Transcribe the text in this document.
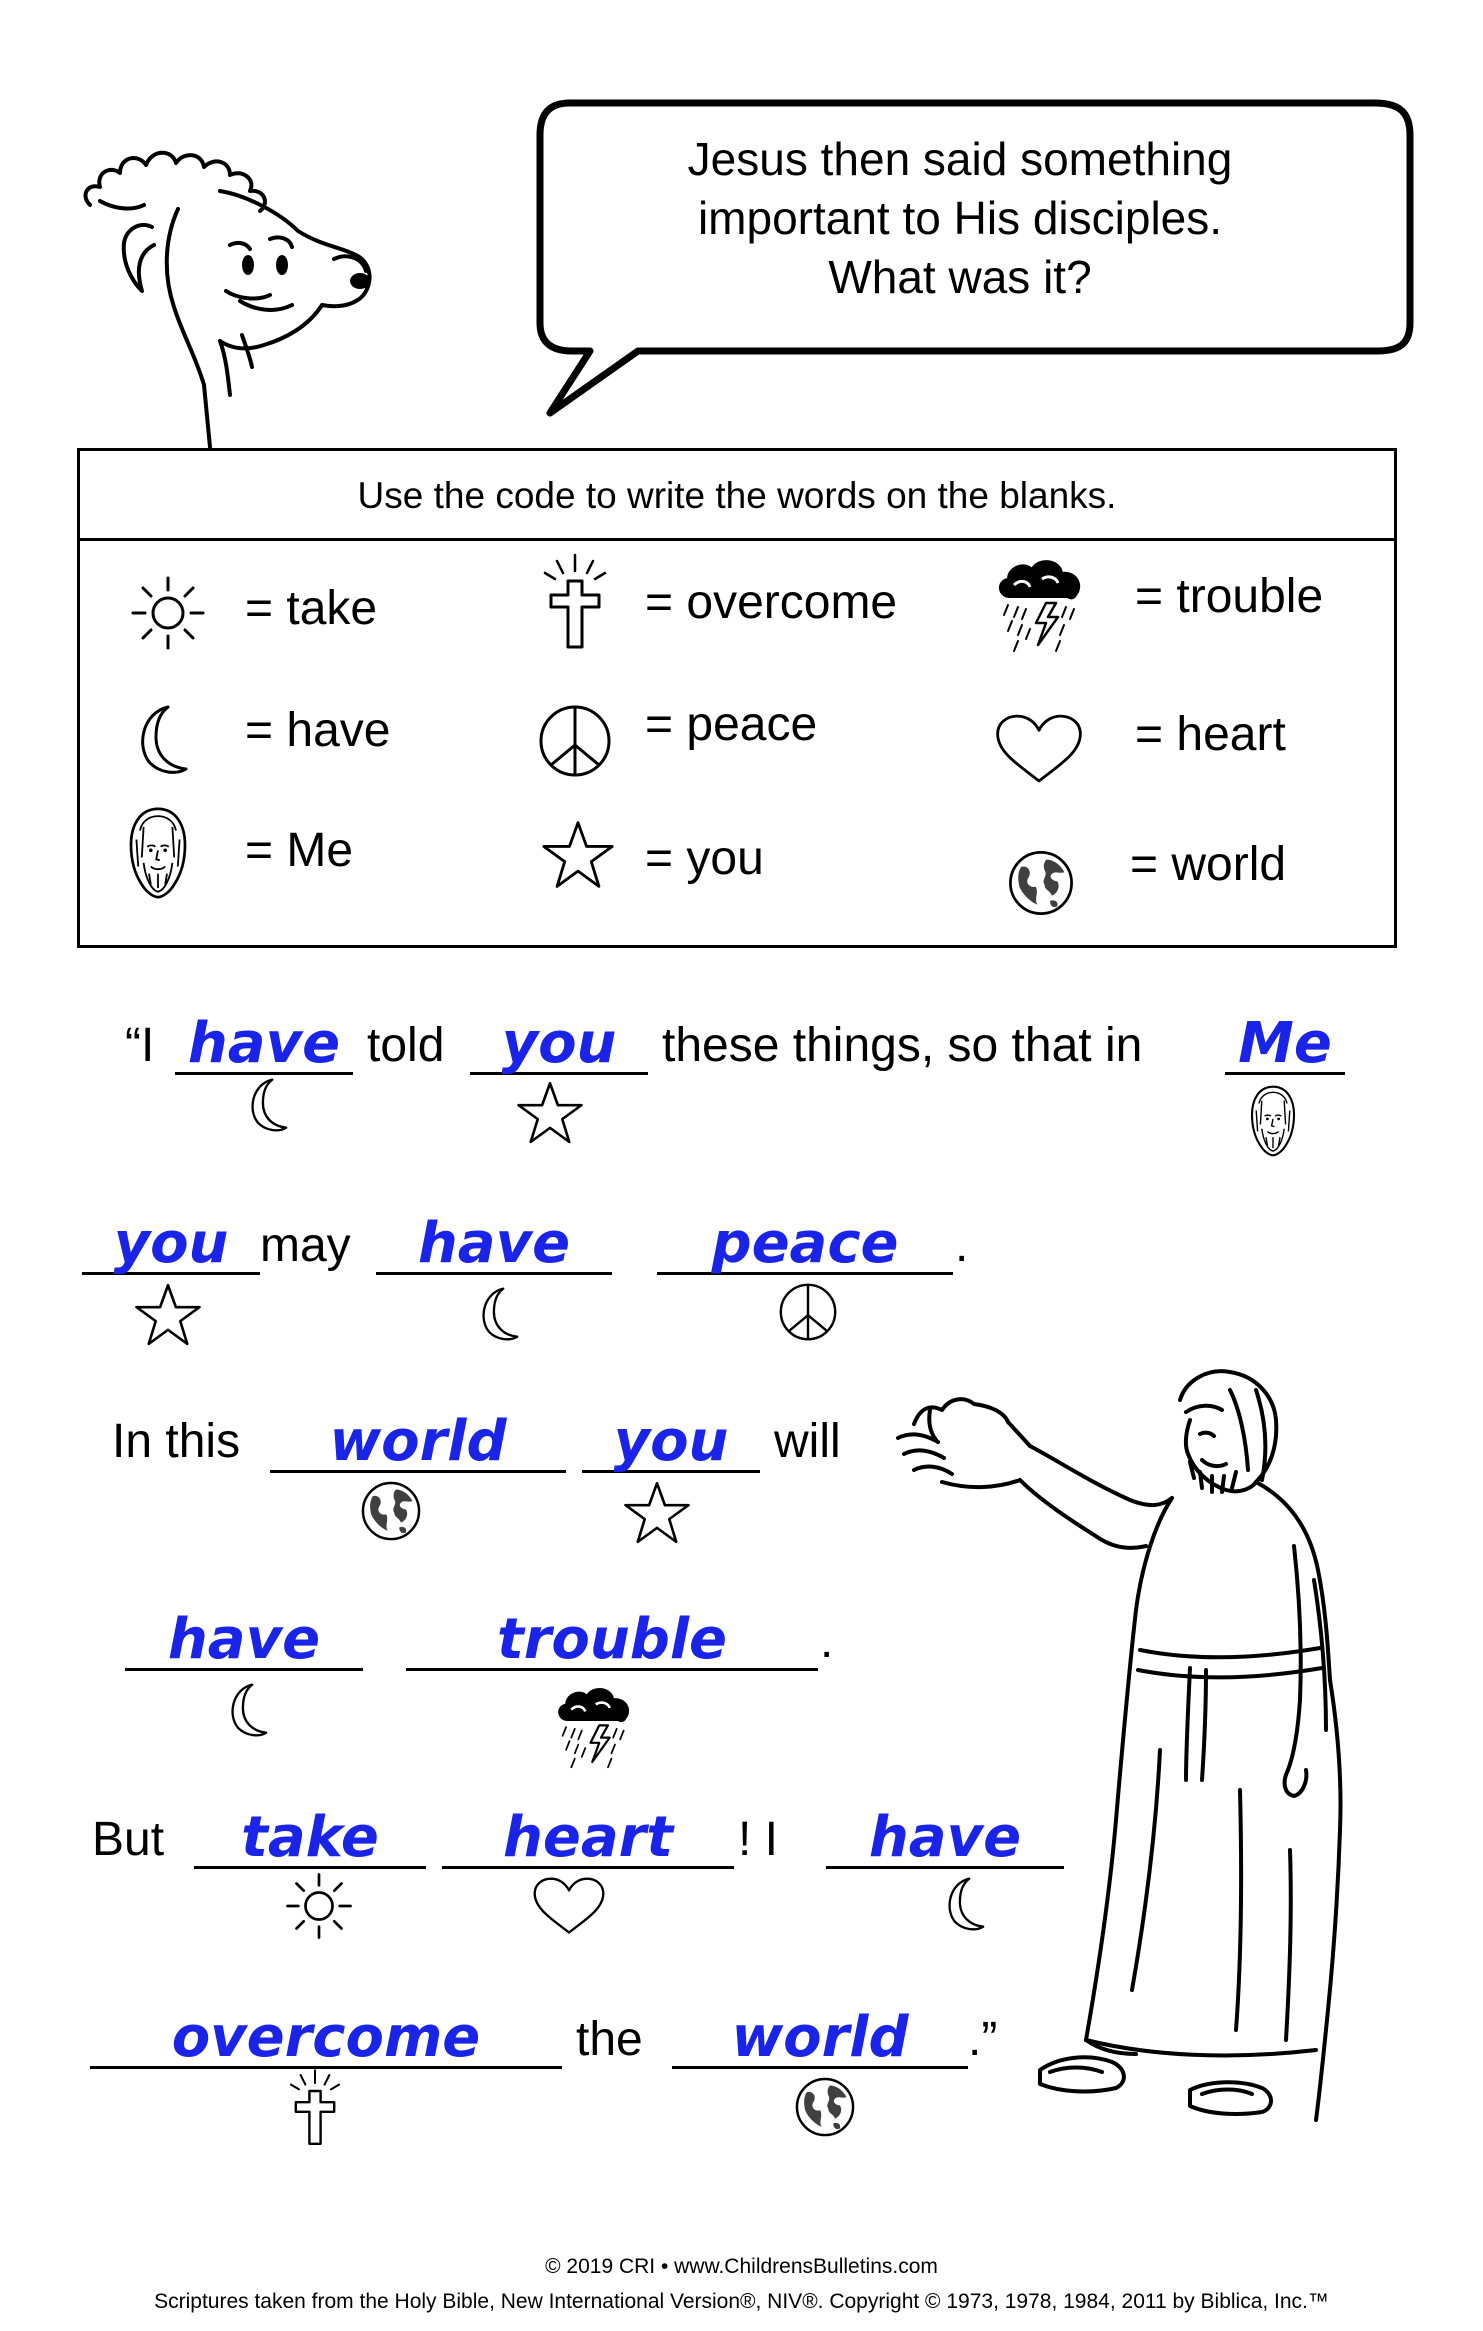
Jesus then said something
important to His disciples.
What was it?
Use the code to write the words on the blanks.
= take	= overcome	= trouble
= have	= peace	= heart
= Me	= you	= world
“I have told	you these things, so that in Me
you may	have	peace	.
In this	world	you will
have	trouble	.
But	take	heart	! I	have
overcome	the	world	.”
© 2019 CRI • www.ChildrensBulletins.com
Scriptures taken from the Holy Bible, New International Version®, NIV®. Copyright © 1973, 1978, 1984, 2011 by Biblica, Inc.™
